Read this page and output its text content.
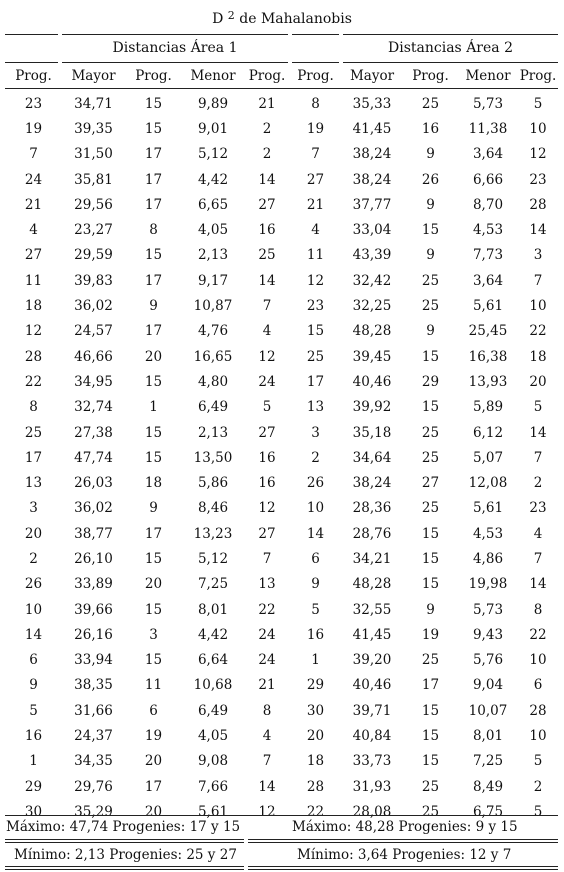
D $^2$ de Mahalanobis
Distancias Área 1	Distancias Área 2
Prog.	Mayor	Prog.	Menor	Prog.	Prog.	Mayor	Prog.	Menor	Prog.
23	34,71	15	9,89	21	8	35,33	25	5,73	5
19	39,35	15	9,01	2	19	41,45	16	11,38	10
7	31,50	17	5,12	2	7	38,24	9	3,64	12
24	35,81	17	4,42	14	27	38,24	26	6,66	23
21	29,56	17	6,65	27	21	37,77	9	8,70	28
4	23,27	8	4,05	16	4	33,04	15	4,53	14
27	29,59	15	2,13	25	11	43,39	9	7,73	3
11	39,83	17	9,17	14	12	32,42	25	3,64	7
18	36,02	9	10,87	7	23	32,25	25	5,61	10
12	24,57	17	4,76	4	15	48,28	9	25,45	22
28	46,66	20	16,65	12	25	39,45	15	16,38	18
22	34,95	15	4,80	24	17	40,46	29	13,93	20
8	32,74	1	6,49	5	13	39,92	15	5,89	5
25	27,38	15	2,13	27	3	35,18	25	6,12	14
17	47,74	15	13,50	16	2	34,64	25	5,07	7
13	26,03	18	5,86	16	26	38,24	27	12,08	2
3	36,02	9	8,46	12	10	28,36	25	5,61	23
20	38,77	17	13,23	27	14	28,76	15	4,53	4
2	26,10	15	5,12	7	6	34,21	15	4,86	7
26	33,89	20	7,25	13	9	48,28	15	19,98	14
10	39,66	15	8,01	22	5	32,55	9	5,73	8
14	26,16	3	4,42	24	16	41,45	19	9,43	22
6	33,94	15	6,64	24	1	39,20	25	5,76	10
9	38,35	11	10,68	21	29	40,46	17	9,04	6
5	31,66	6	6,49	8	30	39,71	15	10,07	28
16	24,37	19	4,05	4	20	40,84	15	8,01	10
1	34,35	20	9,08	7	18	33,73	15	7,25	5
29	29,76	17	7,66	14	28	31,93	25	8,49	2
30	35,29	20	5,61	12	22	28,08	25	6,75	5
Máximo: 47,74 Progenies: 17 y 15	Máximo: 48,28 Progenies: 9 y 15
Mínimo: 2,13 Progenies: 25 y 27	Mínimo: 3,64 Progenies: 12 y 7
